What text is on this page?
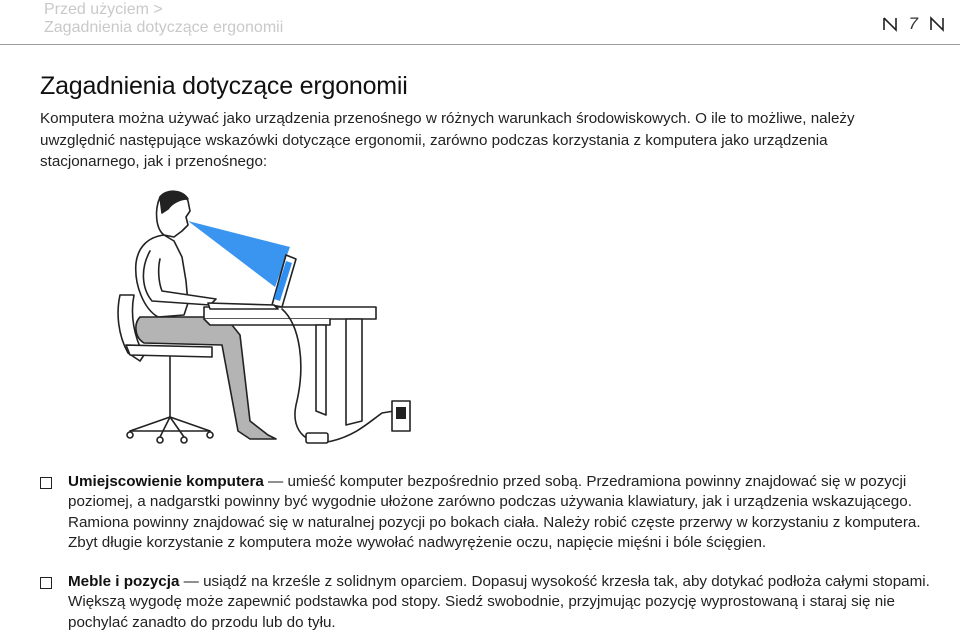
Przed użyciem >
Zagadnienia dotyczące ergonomii	7
Zagadnienia dotyczące ergonomii

Komputera można używać jako urządzenia przenośnego w różnych warunkach środowiskowych. O ile to możliwe, należy uwzględnić następujące wskazówki dotyczące ergonomii, zarówno podczas korzystania z komputera jako urządzenia stacjonarnego, jak i przenośnego:

Umiejscowienie komputera — umieść komputer bezpośrednio przed sobą. Przedramiona powinny znajdować się w pozycji poziomej, a nadgarstki powinny być wygodnie ułożone zarówno podczas używania klawiatury, jak i urządzenia wskazującego. Ramiona powinny znajdować się w naturalnej pozycji po bokach ciała. Należy robić częste przerwy w korzystaniu z komputera. Zbyt długie korzystanie z komputera może wywołać nadwyrężenie oczu, napięcie mięśni i bóle ścięgien.
Meble i pozycja — usiądź na krześle z solidnym oparciem. Dopasuj wysokość krzesła tak, aby dotykać podłoża całymi stopami. Większą wygodę może zapewnić podstawka pod stopy. Siedź swobodnie, przyjmując pozycję wyprostowaną i staraj się nie pochylać zanadto do przodu lub do tyłu.
